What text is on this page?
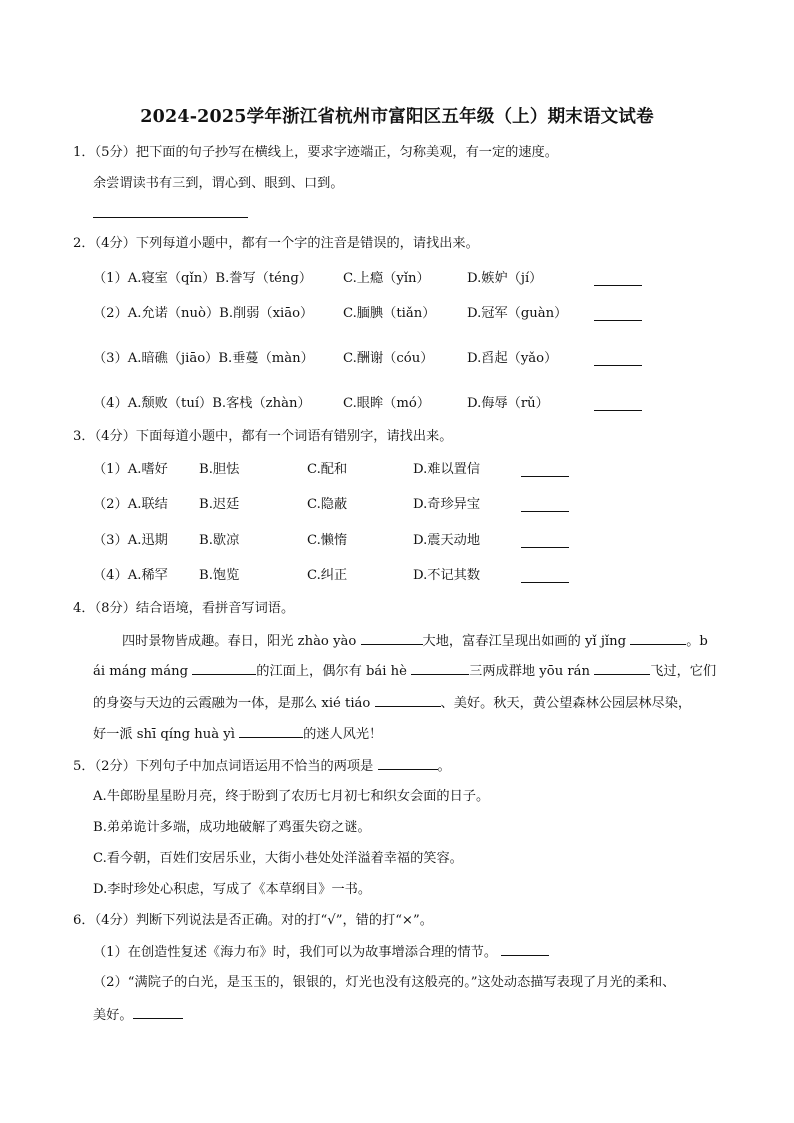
2024-2025学年浙江省杭州市富阳区五年级（上）期末语文试卷
1．（5分）把下面的句子抄写在横线上，要求字迹端正，匀称美观，有一定的速度。
余尝谓读书有三到，谓心到、眼到、口到。
2．（4分）下列每道小题中，都有一个字的注音是错误的，请找出来。
（1）A.寝室（qǐn）B.誊写（ténɡ） C.上瘾（yǐn）	D.嫉妒（jí）
（2）A.允诺（nuò）B.削弱（xiāo） C.腼腆（tiǎn） D.冠军（guàn）
（3）A.暗礁（jiāo）B.垂蔓（màn） C.酬谢（cóu）	D.舀起（yǎo）
（4）A.颓败（tuí）B.客栈（zhàn） C.眼眸（mó）	D.侮辱（rǔ）
3．（4分）下面每道小题中，都有一个词语有错别字，请找出来。
（1）A.嗜好 B.胆怯	C.配和	D.难以置信
（2）A.联结 B.迟廷	C.隐蔽	D.奇珍异宝
（3）A.迅期 B.歇凉	C.懒惰	D.震天动地
（4）A.稀罕 B.饱览	C.纠正	D.不记其数
4．（8分）结合语境，看拼音写词语。
四时景物皆成趣。春日，阳光 zhào yào	大地，富春江呈现出如画的 yǐ jǐng	。b
ái máng máng	的江面上，偶尔有 bái hè	三两成群地 yōu rán	飞过，它们
的身姿与天边的云霞融为一体，是那么 xié tiáo	、美好。秋天，黄公望森林公园层林尽染，
好一派 shī qíng huà yì	的迷人风光！
5．（2分）下列句子中加点词语运用不恰当的两项是	。
A.牛郎盼星星盼月亮，终于盼到了农历七月初七和织女会面的日子。
B.弟弟诡计多端，成功地破解了鸡蛋失窃之谜。
C.看今朝，百姓们安居乐业，大街小巷处处洋溢着幸福的笑容。
D.李时珍处心积虑，写成了《本草纲目》一书。
6．（4分）判断下列说法是否正确。对的打“√”，错的打“×”。
（1）在创造性复述《海力布》时，我们可以为故事增添合理的情节。
（2）“满院子的白光，是玉玉的，银银的，灯光也没有这般亮的。”这处动态描写表现了月光的柔和、
美好。
